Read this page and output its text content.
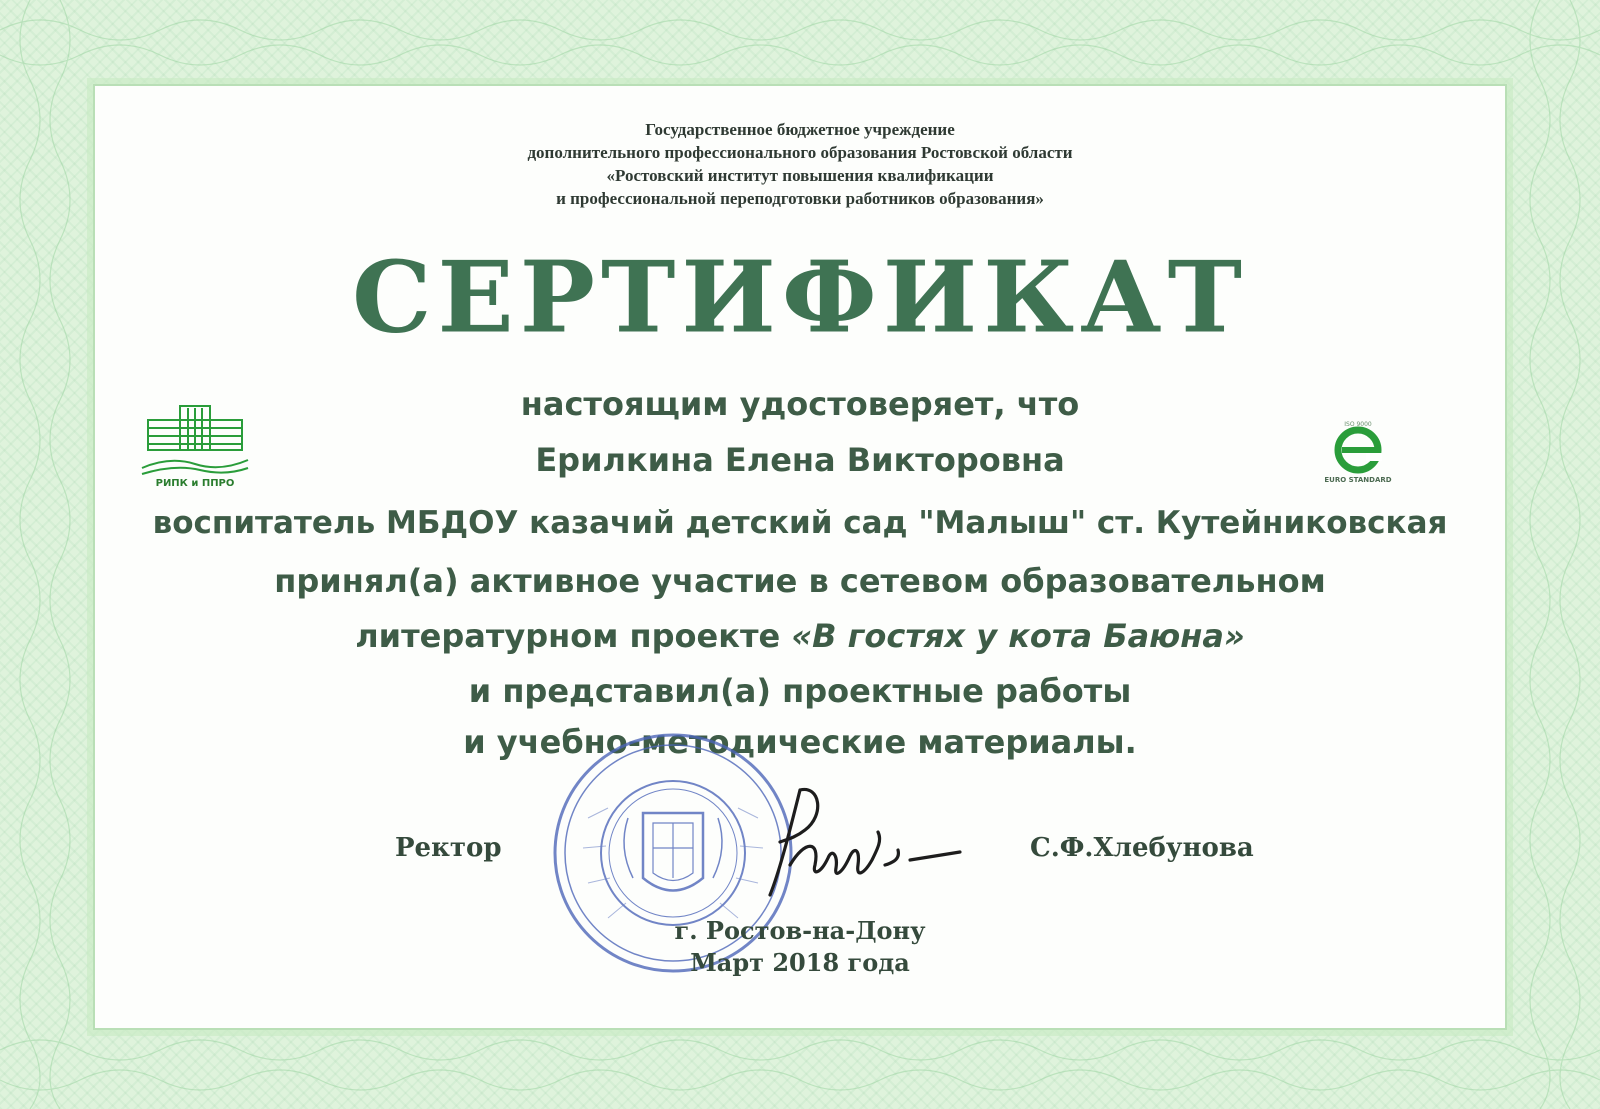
Государственное бюджетное учреждение
дополнительного профессионального образования Ростовской области
«Ростовский институт повышения квалификации
и профессиональной переподготовки работников образования»
СЕРТИФИКАТ
РИПК и ППРО
ISO 9000
EURO STANDARD
настоящим удостоверяет, что
Ерилкина Елена Викторовна
воспитатель МБДОУ казачий детский сад "Малыш" ст. Кутейниковская
принял(а) активное участие в сетевом образовательном
литературном проекте «В гостях у кота Баюна»
и представил(а) проектные работы
и учебно-методические материалы.
Ректор	С.Ф.Хлебунова
г. Ростов-на-Дону
Март 2018 года
